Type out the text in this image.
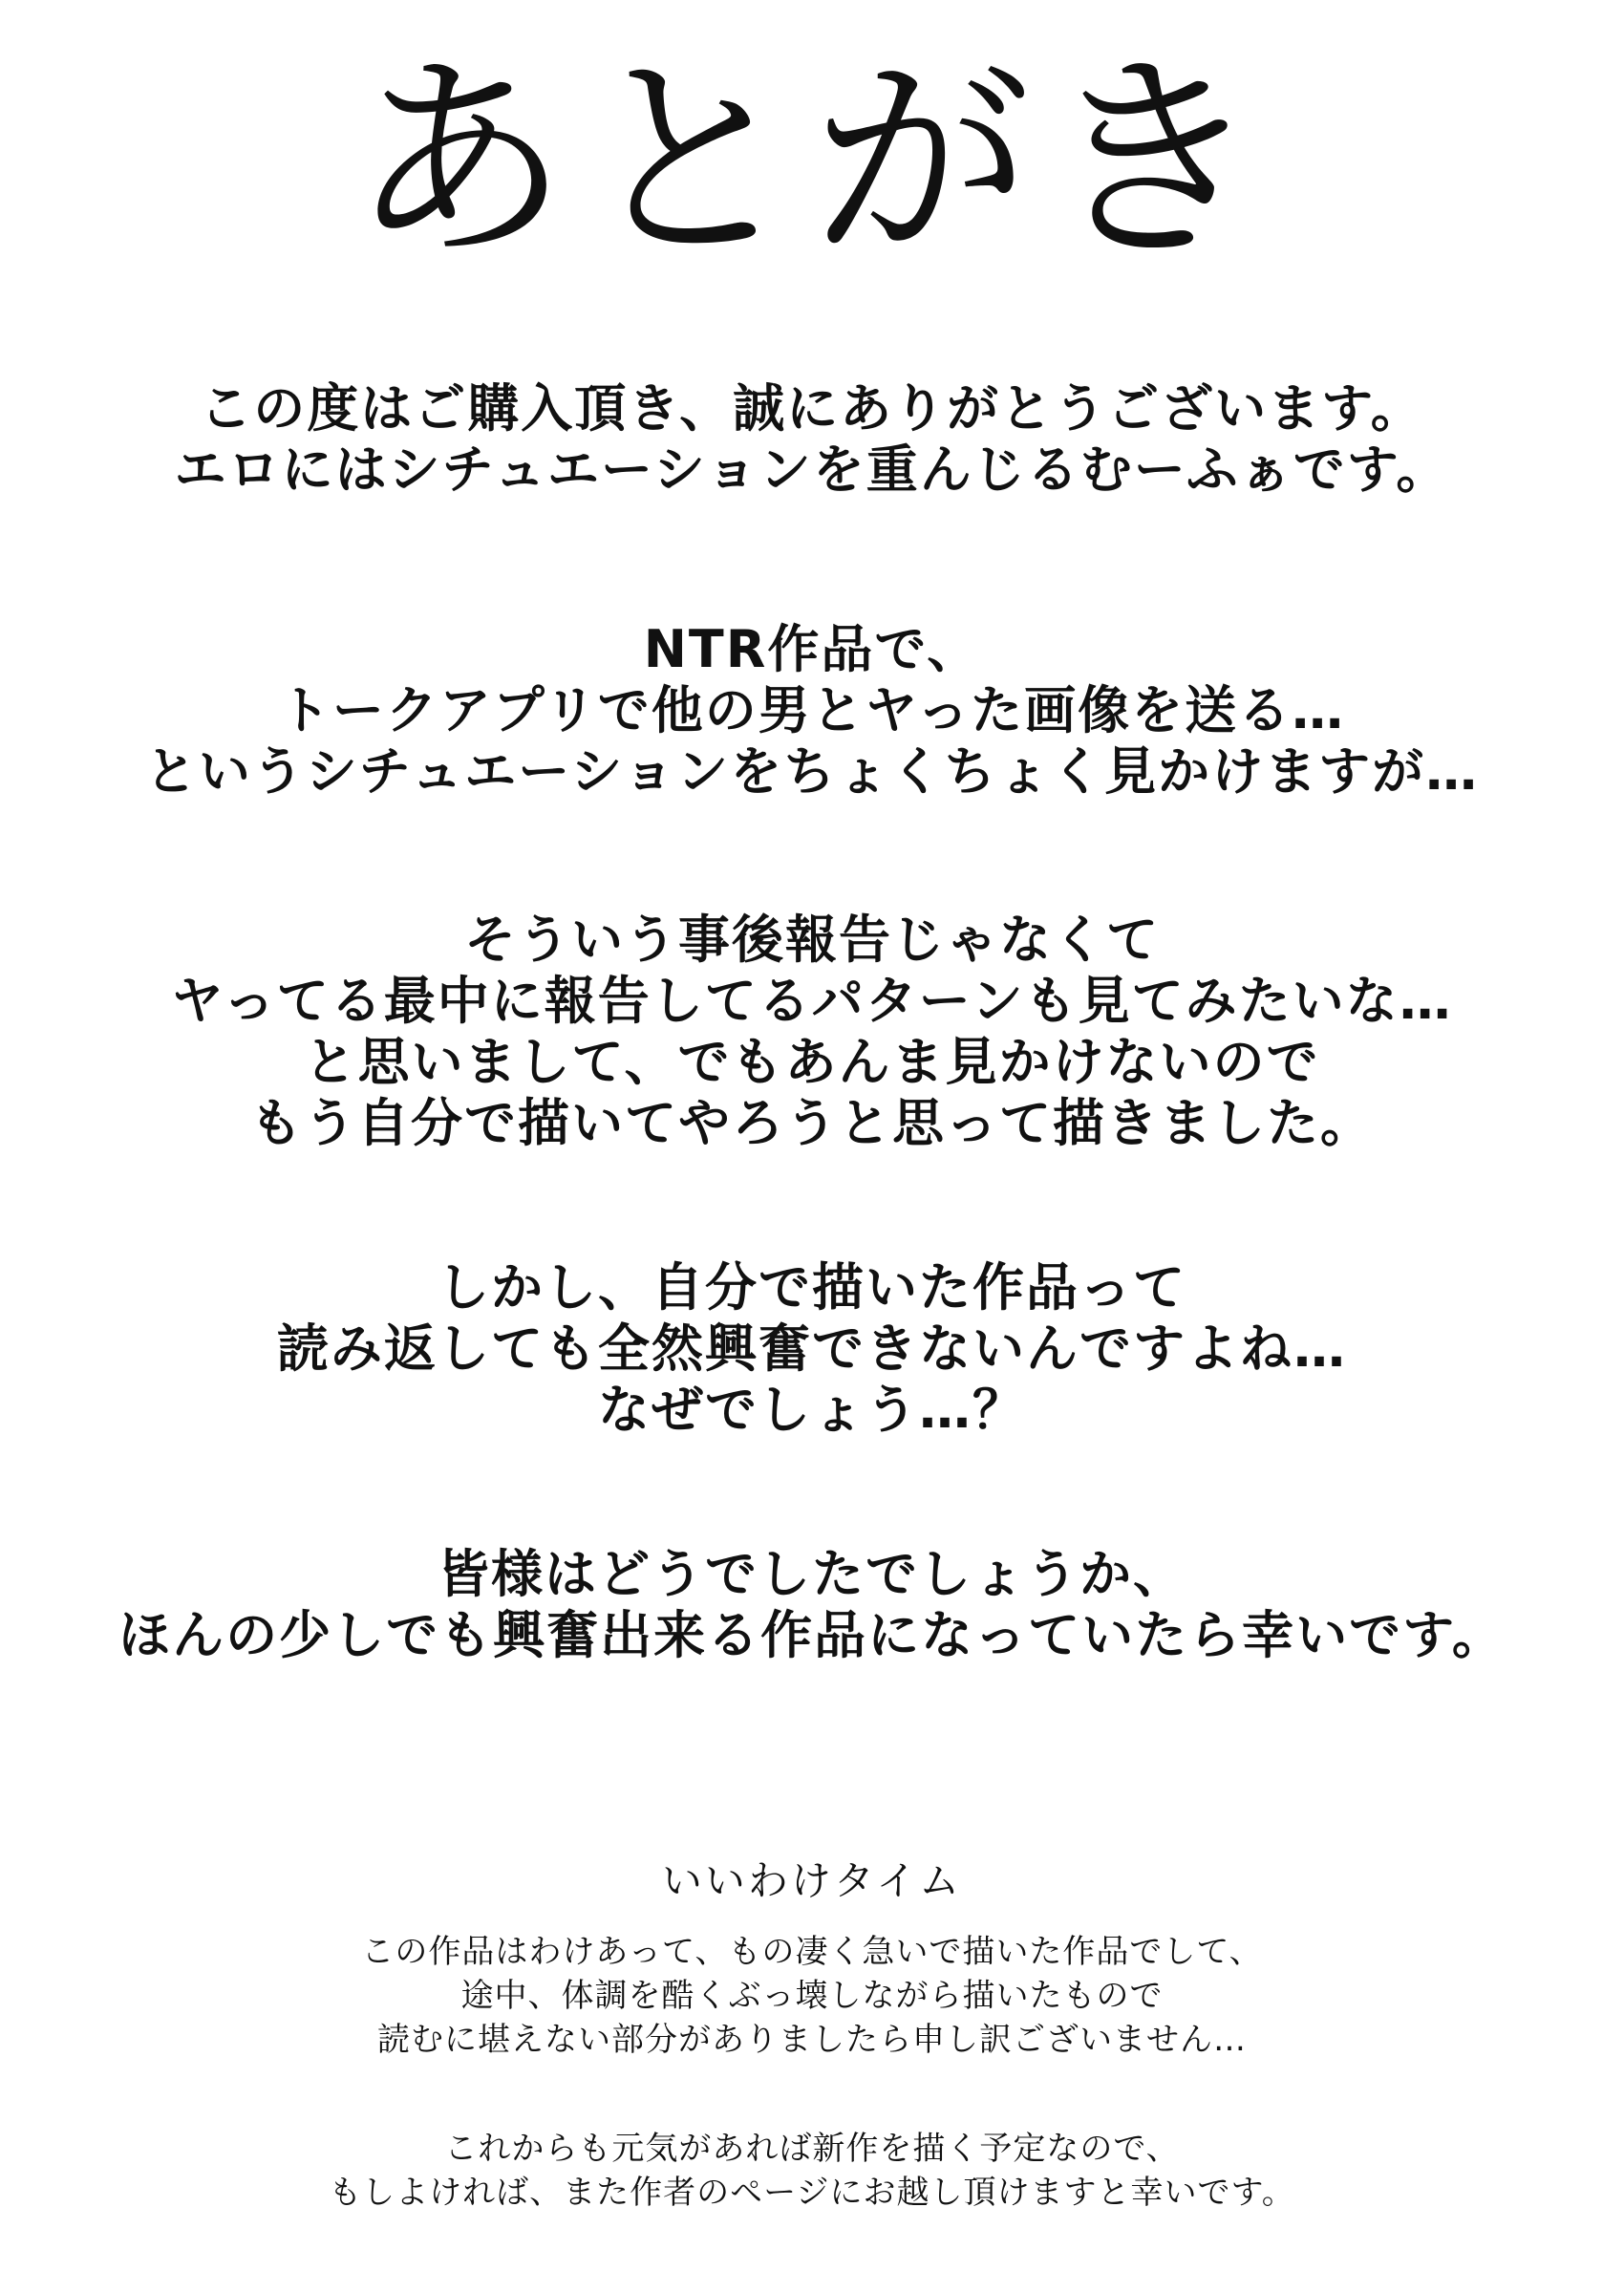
あとがき
この度はご購入頂き、誠にありがとうございます。
エロにはシチュエーションを重んじるむーふぁです。
NTR作品で、
トークアプリで他の男とヤった画像を送る…
というシチュエーションをちょくちょく見かけますが…
そういう事後報告じゃなくて
ヤってる最中に報告してるパターンも見てみたいな…
と思いまして、でもあんま見かけないので
もう自分で描いてやろうと思って描きました。
しかし、自分で描いた作品って
読み返しても全然興奮できないんですよね…
なぜでしょう…？
皆様はどうでしたでしょうか、
ほんの少しでも興奮出来る作品になっていたら幸いです。
いいわけタイム
この作品はわけあって、もの凄く急いで描いた作品でして、
途中、体調を酷くぶっ壊しながら描いたもので
読むに堪えない部分がありましたら申し訳ございません…
これからも元気があれば新作を描く予定なので、
もしよければ、また作者のページにお越し頂けますと幸いです。
